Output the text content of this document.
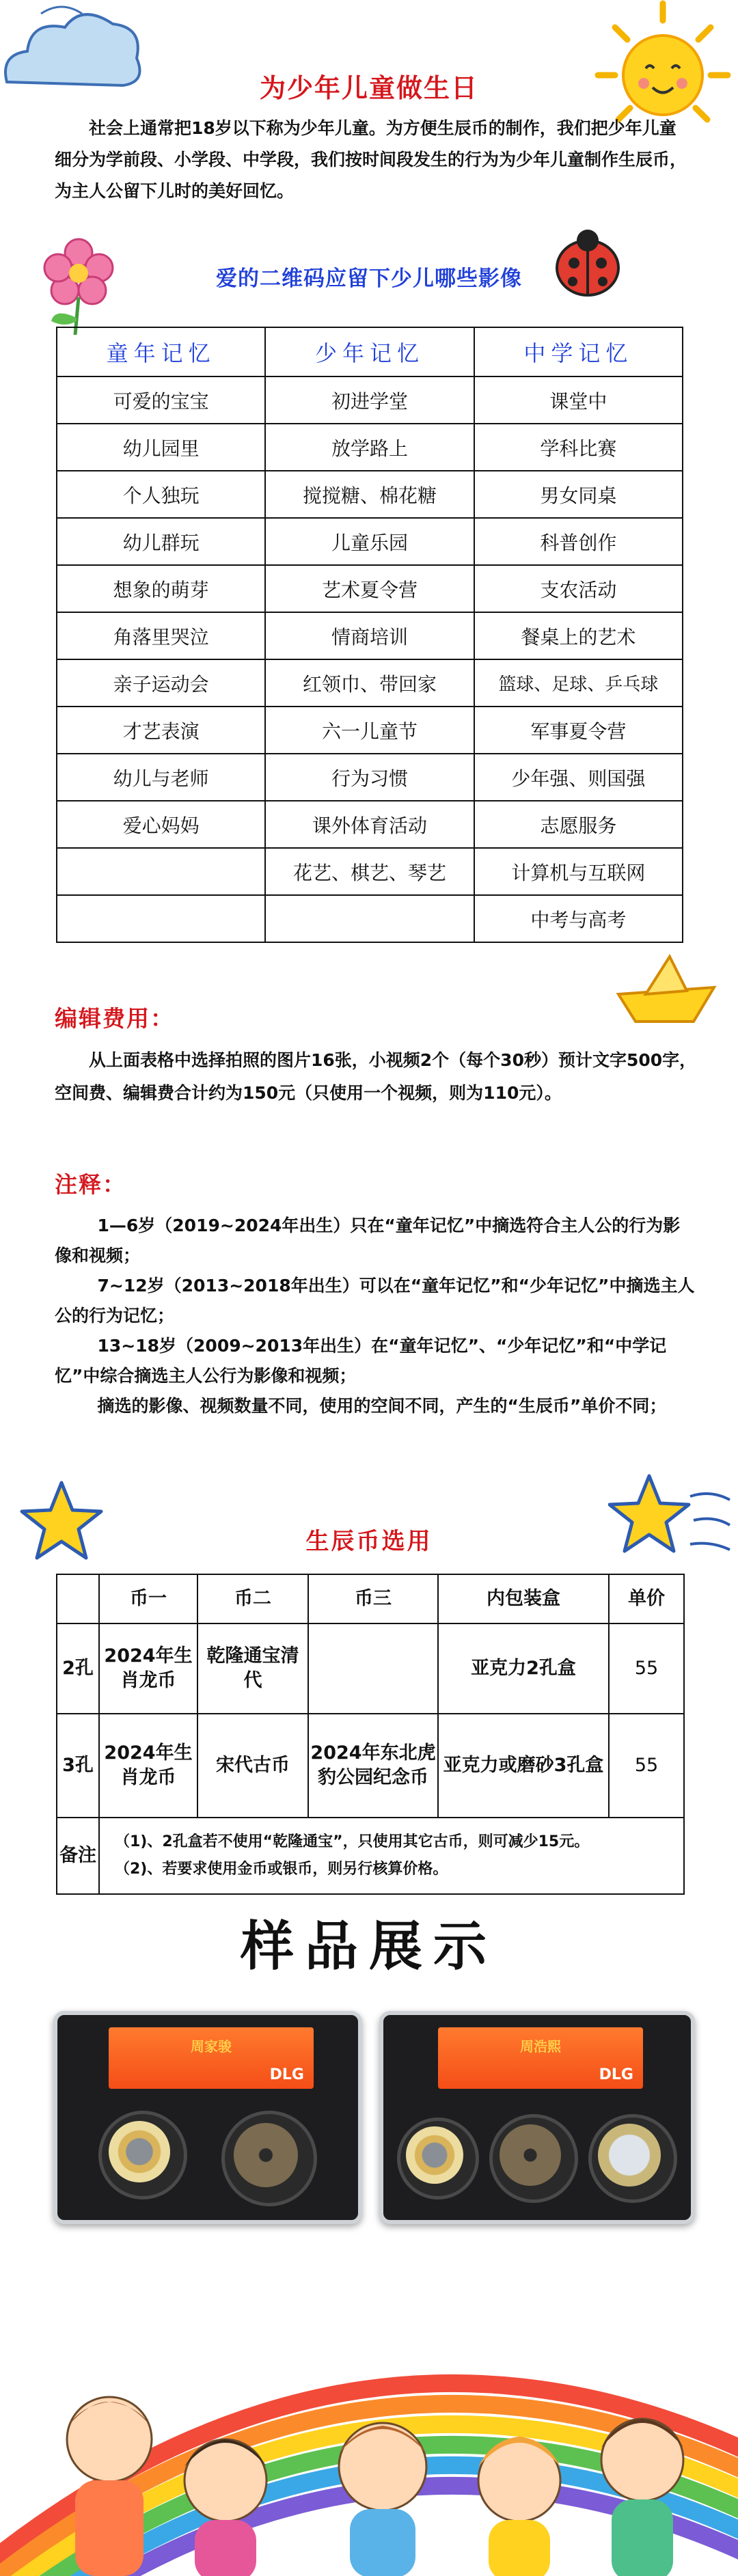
为少年儿童做生日

社会上通常把18岁以下称为少年儿童。为方便生辰币的制作，我们把少年儿童细分为学前段、小学段、中学段，我们按时间段发生的行为为少年儿童制作生辰币，为主人公留下儿时的美好回忆。

爱的二维码应留下少儿哪些影像
童年记忆	少年记忆	中学记忆
可爱的宝宝	初进学堂	课堂中
幼儿园里	放学路上	学科比赛
个人独玩	搅搅糖、棉花糖	男女同桌
幼儿群玩	儿童乐园	科普创作
想象的萌芽	艺术夏令营	支农活动
角落里哭泣	情商培训	餐桌上的艺术
亲子运动会	红领巾、带回家	篮球、足球、乒乓球
才艺表演	六一儿童节	军事夏令营
幼儿与老师	行为习惯	少年强、则国强
爱心妈妈	课外体育活动	志愿服务
	花艺、棋艺、琴艺	计算机与互联网
		中考与高考
编辑费用：

从上面表格中选择拍照的图片16张，小视频2个（每个30秒）预计文字500字，空间费、编辑费合计约为150元（只使用一个视频，则为110元）。

注释：

1—6岁（2019~2024年出生）只在“童年记忆”中摘选符合主人公的行为影像和视频；

7~12岁（2013~2018年出生）可以在“童年记忆”和“少年记忆”中摘选主人公的行为记忆；

13~18岁（2009~2013年出生）在“童年记忆”、“少年记忆”和“中学记忆”中综合摘选主人公行为影像和视频；

摘选的影像、视频数量不同，使用的空间不同，产生的“生辰币”单价不同；

生辰币选用
	币一	币二	币三	内包装盒	单价
2孔	2024年生肖龙币	乾隆通宝清代		亚克力2孔盒	55
3孔	2024年生肖龙币	宋代古币	2024年东北虎豹公园纪念币	亚克力或磨砂3孔盒	55
备注	（1)、2孔盒若不使用“乾隆通宝”，只使用其它古币，则可减少15元。
（2)、若要求使用金币或银币，则另行核算价格。				
样品展示
周家骏
DLG
周浩熙
DLG
